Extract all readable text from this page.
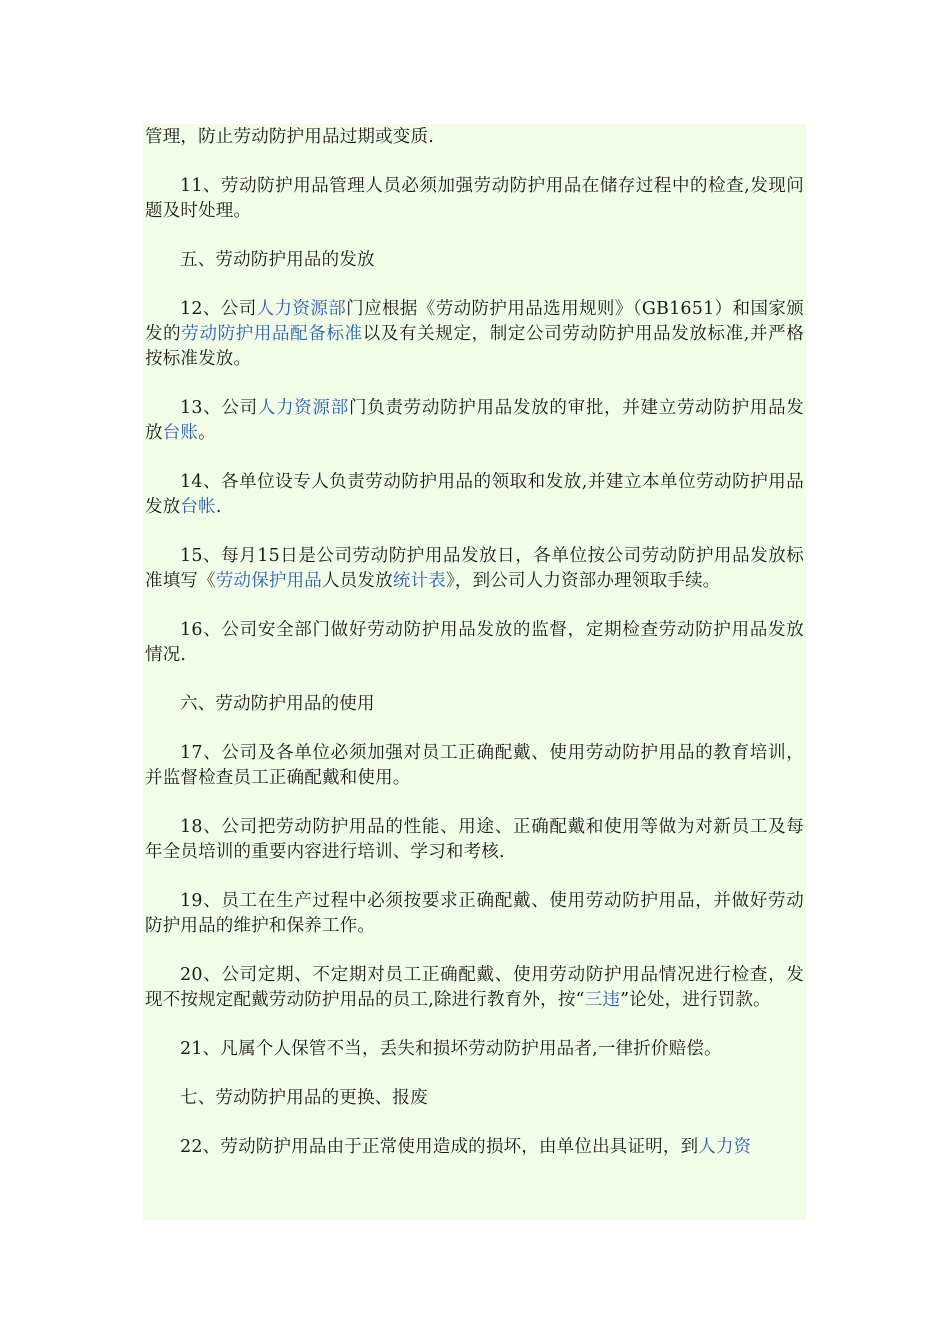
管理，防止劳动防护用品过期或变质.

11、劳动防护用品管理人员必须加强劳动防护用品在储存过程中的检查,发现问题及时处理。

五、劳动防护用品的发放

12、公司人力资源部门应根据《劳动防护用品选用规则》（GB1651）和国家颁发的劳动防护用品配备标准以及有关规定，制定公司劳动防护用品发放标准,并严格按标准发放。

13、公司人力资源部门负责劳动防护用品发放的审批，并建立劳动防护用品发放台账。

14、各单位设专人负责劳动防护用品的领取和发放,并建立本单位劳动防护用品发放台帐.

15、每月15日是公司劳动防护用品发放日，各单位按公司劳动防护用品发放标准填写《劳动保护用品人员发放统计表》，到公司人力资部办理领取手续。

16、公司安全部门做好劳动防护用品发放的监督，定期检查劳动防护用品发放情况.

六、劳动防护用品的使用

17、公司及各单位必须加强对员工正确配戴、使用劳动防护用品的教育培训，并监督检查员工正确配戴和使用。

18、公司把劳动防护用品的性能、用途、正确配戴和使用等做为对新员工及每年全员培训的重要内容进行培训、学习和考核.

19、员工在生产过程中必须按要求正确配戴、使用劳动防护用品，并做好劳动防护用品的维护和保养工作。

20、公司定期、不定期对员工正确配戴、使用劳动防护用品情况进行检查，发现不按规定配戴劳动防护用品的员工,除进行教育外，按“三违”论处，进行罚款。

21、凡属个人保管不当，丢失和损坏劳动防护用品者,一律折价赔偿。

七、劳动防护用品的更换、报废

22、劳动防护用品由于正常使用造成的损坏，由单位出具证明，到人力资
